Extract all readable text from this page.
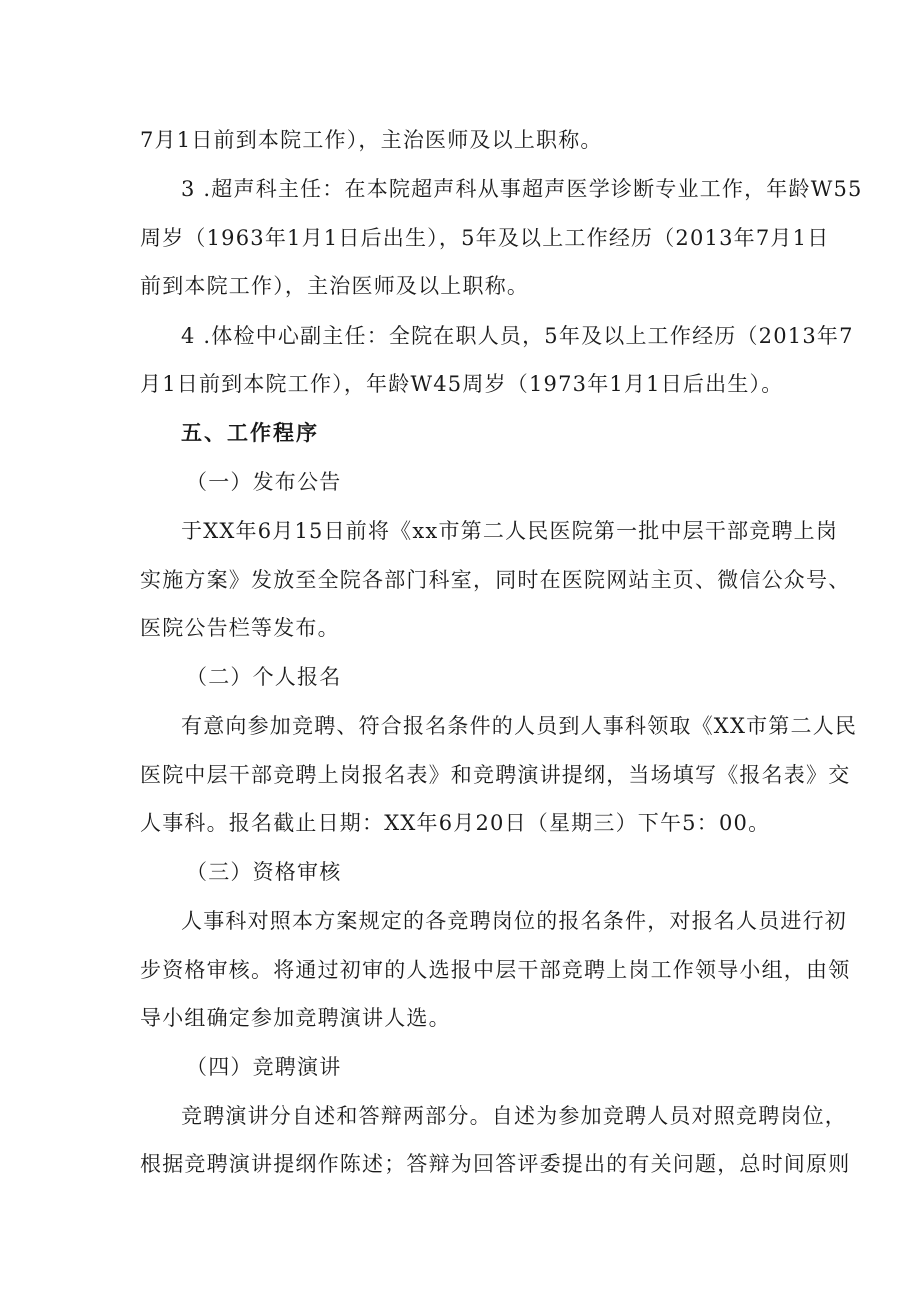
7月1日前到本院工作），主治医师及以上职称。
3 .超声科主任：在本院超声科从事超声医学诊断专业工作，年龄W55
周岁（1963年1月1日后出生），5年及以上工作经历（2013年7月1日
前到本院工作），主治医师及以上职称。
4 .体检中心副主任：全院在职人员，5年及以上工作经历（2013年7
月1日前到本院工作），年龄W45周岁（1973年1月1日后出生）。
五、工作程序
（一）发布公告
于XX年6月15日前将《xx市第二人民医院第一批中层干部竞聘上岗
实施方案》发放至全院各部门科室，同时在医院网站主页、微信公众号、
医院公告栏等发布。
（二）个人报名
有意向参加竞聘、符合报名条件的人员到人事科领取《XX市第二人民
医院中层干部竞聘上岗报名表》和竞聘演讲提纲，当场填写《报名表》交
人事科。报名截止日期：XX年6月20日（星期三）下午5：00。
（三）资格审核
人事科对照本方案规定的各竞聘岗位的报名条件，对报名人员进行初
步资格审核。将通过初审的人选报中层干部竞聘上岗工作领导小组，由领
导小组确定参加竞聘演讲人选。
（四）竞聘演讲
竞聘演讲分自述和答辩两部分。自述为参加竞聘人员对照竞聘岗位，
根据竞聘演讲提纲作陈述；答辩为回答评委提出的有关问题，总时间原则
